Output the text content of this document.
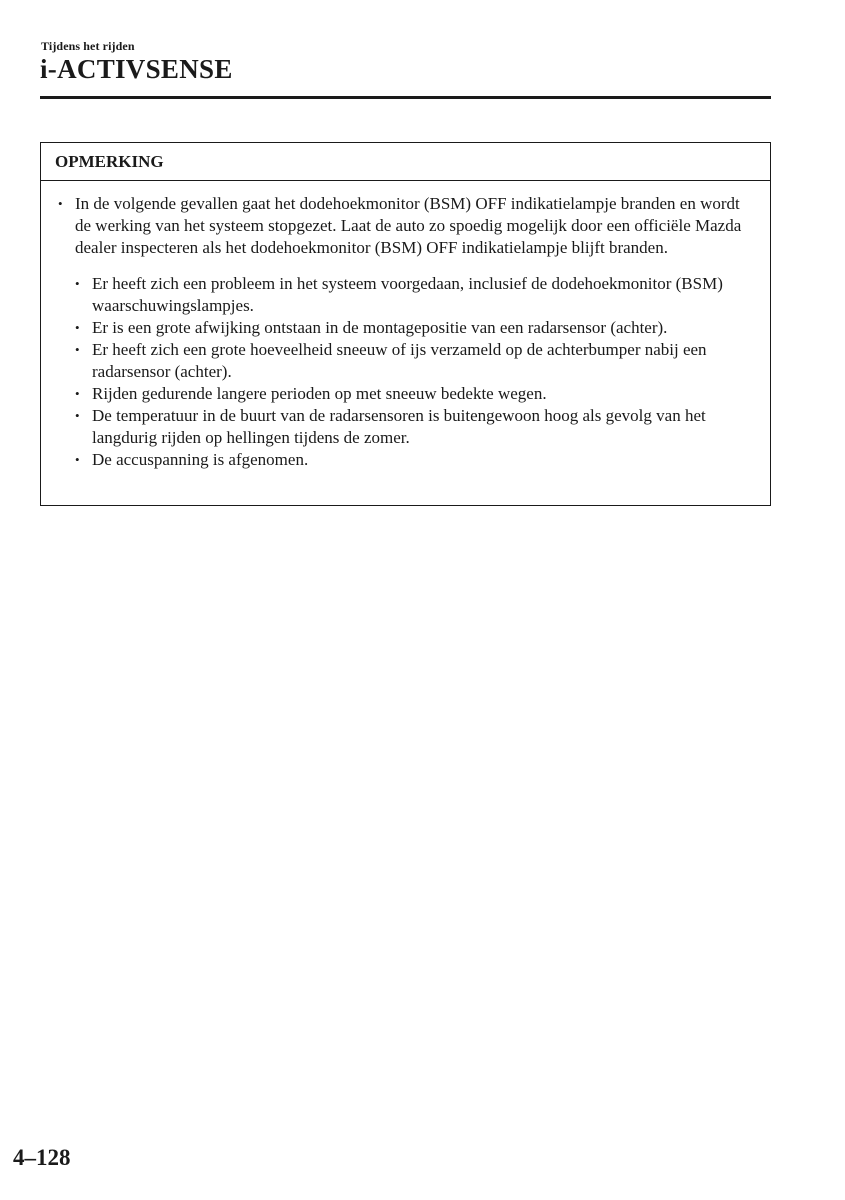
Tijdens het rijden
i-ACTIVSENSE
OPMERKING
• In de volgende gevallen gaat het dodehoekmonitor (BSM) OFF indikatielampje branden en wordt de werking van het systeem stopgezet. Laat de auto zo spoedig mogelijk door een officiële Mazda dealer inspecteren als het dodehoekmonitor (BSM) OFF indikatielampje blijft branden.
• Er heeft zich een probleem in het systeem voorgedaan, inclusief de dodehoekmonitor (BSM) waarschuwingslampjes.
• Er is een grote afwijking ontstaan in de montagepositie van een radarsensor (achter).
• Er heeft zich een grote hoeveelheid sneeuw of ijs verzameld op de achterbumper nabij een radarsensor (achter).
• Rijden gedurende langere perioden op met sneeuw bedekte wegen.
• De temperatuur in de buurt van de radarsensoren is buitengewoon hoog als gevolg van het langdurig rijden op hellingen tijdens de zomer.
• De accuspanning is afgenomen.
4–128
